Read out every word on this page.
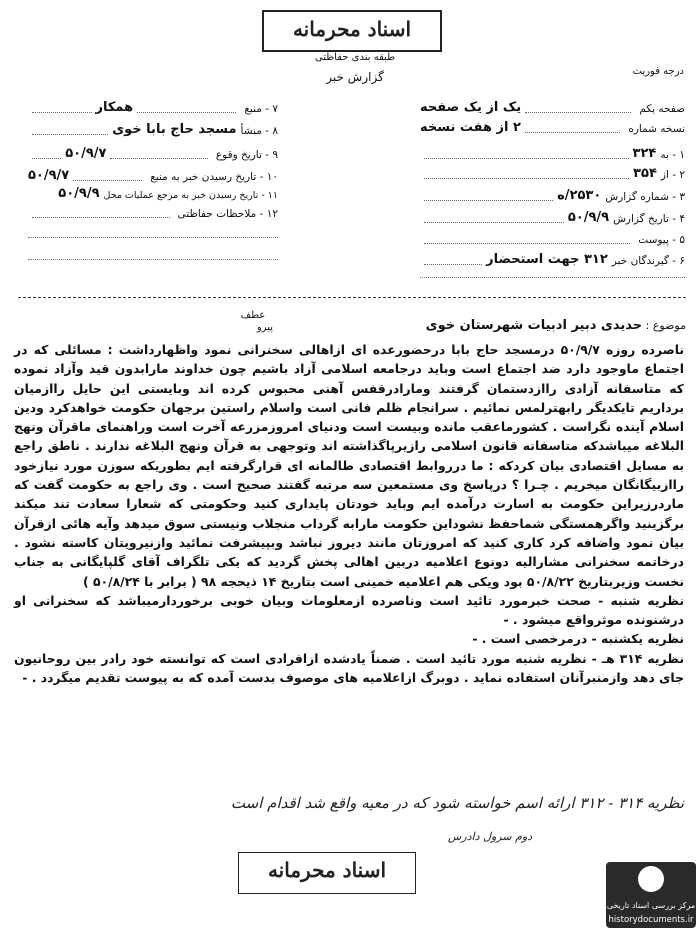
اسناد محرمانه
طبقه بندی حفاظتی
گزارش خبر	درجه فوریت
۷ - منبع
همکار
۸ - منشأ
مسجد حاج بابا خوی
۹ - تاریخ وقوع
۵۰/۹/۷
۱۰ - تاریخ رسیدن خبر به منبع
۵۰/۹/۷
۱۱ - تاریخ رسیدن خبر به مرجع عملیات محل
۵۰/۹/۹
۱۲ - ملاحظات حفاظتی
صفحه یکم
یک از یک صفحه
نسخه شماره
۲ از هفت نسخه
۱ - به
۳۲۴
۲ - از
۳۵۴
۳ - شماره گزارش
۲۵۳۰/ه
۴ - تاریخ گزارش
۵۰/۹/۹
۵ - پیوست
۶ - گیرندگان خبر
۳۱۲ جهت استحضار
عطف
پیرو	موضوع : حدیدی دبیر ادبیات شهرستان خوی

ناصرده روزه ۵۰/۹/۷ درمسجد حاج بابا درحضورعده ای ازاهالی سخنرانی نمود واظهارداشت : مسائلی که در اجتماع ماوجود دارد ضد اجتماع است وباید درجامعه اسلامی آزاد باشیم چون خداوند مارابدون قید وآزاد نموده که متاسفانه آزادی راازدستمان گرفتند ومارادرقفس آهنی محبوس کرده اند وبایستی این حایل راازمیان برداریم تایکدیگر رابهترلمس نمائیم . سرانجام ظلم فانی است واسلام راستین برجهان حکومت خواهدکرد ودین اسلام آینده نگراست . کشورماعقب مانده وبیست است ودنیای امروزمزرعه آخرت است وراهنمای ماقرآن ونهج البلاغه میباشدکه متاسفانه قانون اسلامی رازیرپاگذاشته اند وتوجهی به قرآن ونهج البلاغه ندارند . ناطق راجع به مسایل اقتصادی بیان کردکه : ما درروابط اقتصادی طالمانه ای قرارگرفته ایم بطوریکه سوزن مورد نیازخود راازبیگانگان میخریم . چـرا ؟ درپاسخ وی مستمعین سه مرتبه گفتند صحیح است . وی راجع به حکومت گفت که ماردرزیراین حکومت به اسارت درآمده ایم وباید خودتان پایداری کنید وحکومتی که شعارا سعادت تند میکند برگزینید واگرهمستگی شماحفظ نشوداین حکومت مارابه گرداب منجلاب ونیستی سوق میدهد وآیه هائی ازقرآن بیان نمود واضافه کرد کاری کنید که امروزتان مانند دیروز نباشد وبپیشرفت نمائید وازنیرویتان کاسته نشود . درخاتمه سخنرانی مشارالیه دونوع اعلامیه دربین اهالی پخش گردید که یکی تلگراف آقای گلپایگانی به جناب نخست وزیربتاریخ ۵۰/۸/۲۲ بود ویکی هم اعلامیه خمینی است بتاریخ ۱۴ ذیحجه ۹۸ ( برابر با ۵۰/۸/۲۴ )

نظریه شنبه - صحت خبرمورد تائید است وناصرده ازمعلومات وبیان خوبی برخوردارمیباشد که سخنرانی او درشنونده موثرواقع میشود . -

نظریه یکشنبه - درمرخصی است . -

نظریه ۳۱۴ هـ - نظریه شنبه مورد تائید است . ضمناً یادشده ازافرادی است که توانسته خود رادر بین روحانیون جای دهد وازمنبرآنان استفاده نماید . دوبرگ ازاعلامیه های موصوف بدست آمده که به پیوست تقدیم میگردد . -

نظریه ۳۱۴ - ۳۱۲ ارائه اسم خواسته شود که در معیه واقع شد اقدام است
دوم سرول دادرس
اسناد محرمانه
مرکز بررسی اسناد تاریخی
historydocuments.ir
